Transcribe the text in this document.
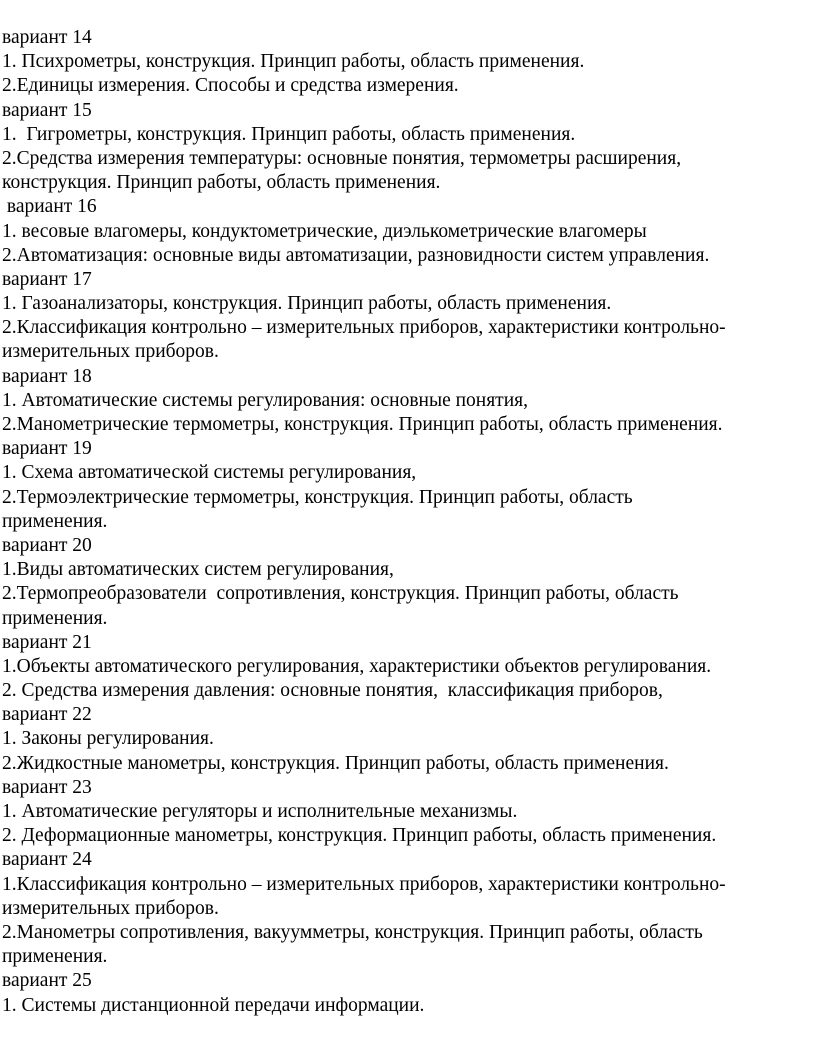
вариант 14
1. Психрометры, конструкция. Принцип работы, область применения.
2.Единицы измерения. Способы и средства измерения.
вариант 15
1.  Гигрометры, конструкция. Принцип работы, область применения.
2.Средства измерения температуры: основные понятия, термометры расширения,
конструкция. Принцип работы, область применения.
вариант 16
1. весовые влагомеры, кондуктометрические, диэлькометрические влагомеры
2.Автоматизация: основные виды автоматизации, разновидности систем управления.
вариант 17
1. Газоанализаторы, конструкция. Принцип работы, область применения.
2.Классификация контрольно – измерительных приборов, характеристики контрольно-
измерительных приборов.
вариант 18
1. Автоматические системы регулирования: основные понятия,
2.Манометрические термометры, конструкция. Принцип работы, область применения.
вариант 19
1. Схема автоматической системы регулирования,
2.Термоэлектрические термометры, конструкция. Принцип работы, область
применения.
вариант 20
1.Виды автоматических систем регулирования,
2.Термопреобразователи  сопротивления, конструкция. Принцип работы, область
применения.
вариант 21
1.Объекты автоматического регулирования, характеристики объектов регулирования.
2. Средства измерения давления: основные понятия,  классификация приборов,
вариант 22
1. Законы регулирования.
2.Жидкостные манометры, конструкция. Принцип работы, область применения.
вариант 23
1. Автоматические регуляторы и исполнительные механизмы.
2. Деформационные манометры, конструкция. Принцип работы, область применения.
вариант 24
1.Классификация контрольно – измерительных приборов, характеристики контрольно-
измерительных приборов.
2.Манометры сопротивления, вакуумметры, конструкция. Принцип работы, область
применения.
вариант 25
1. Системы дистанционной передачи информации.
